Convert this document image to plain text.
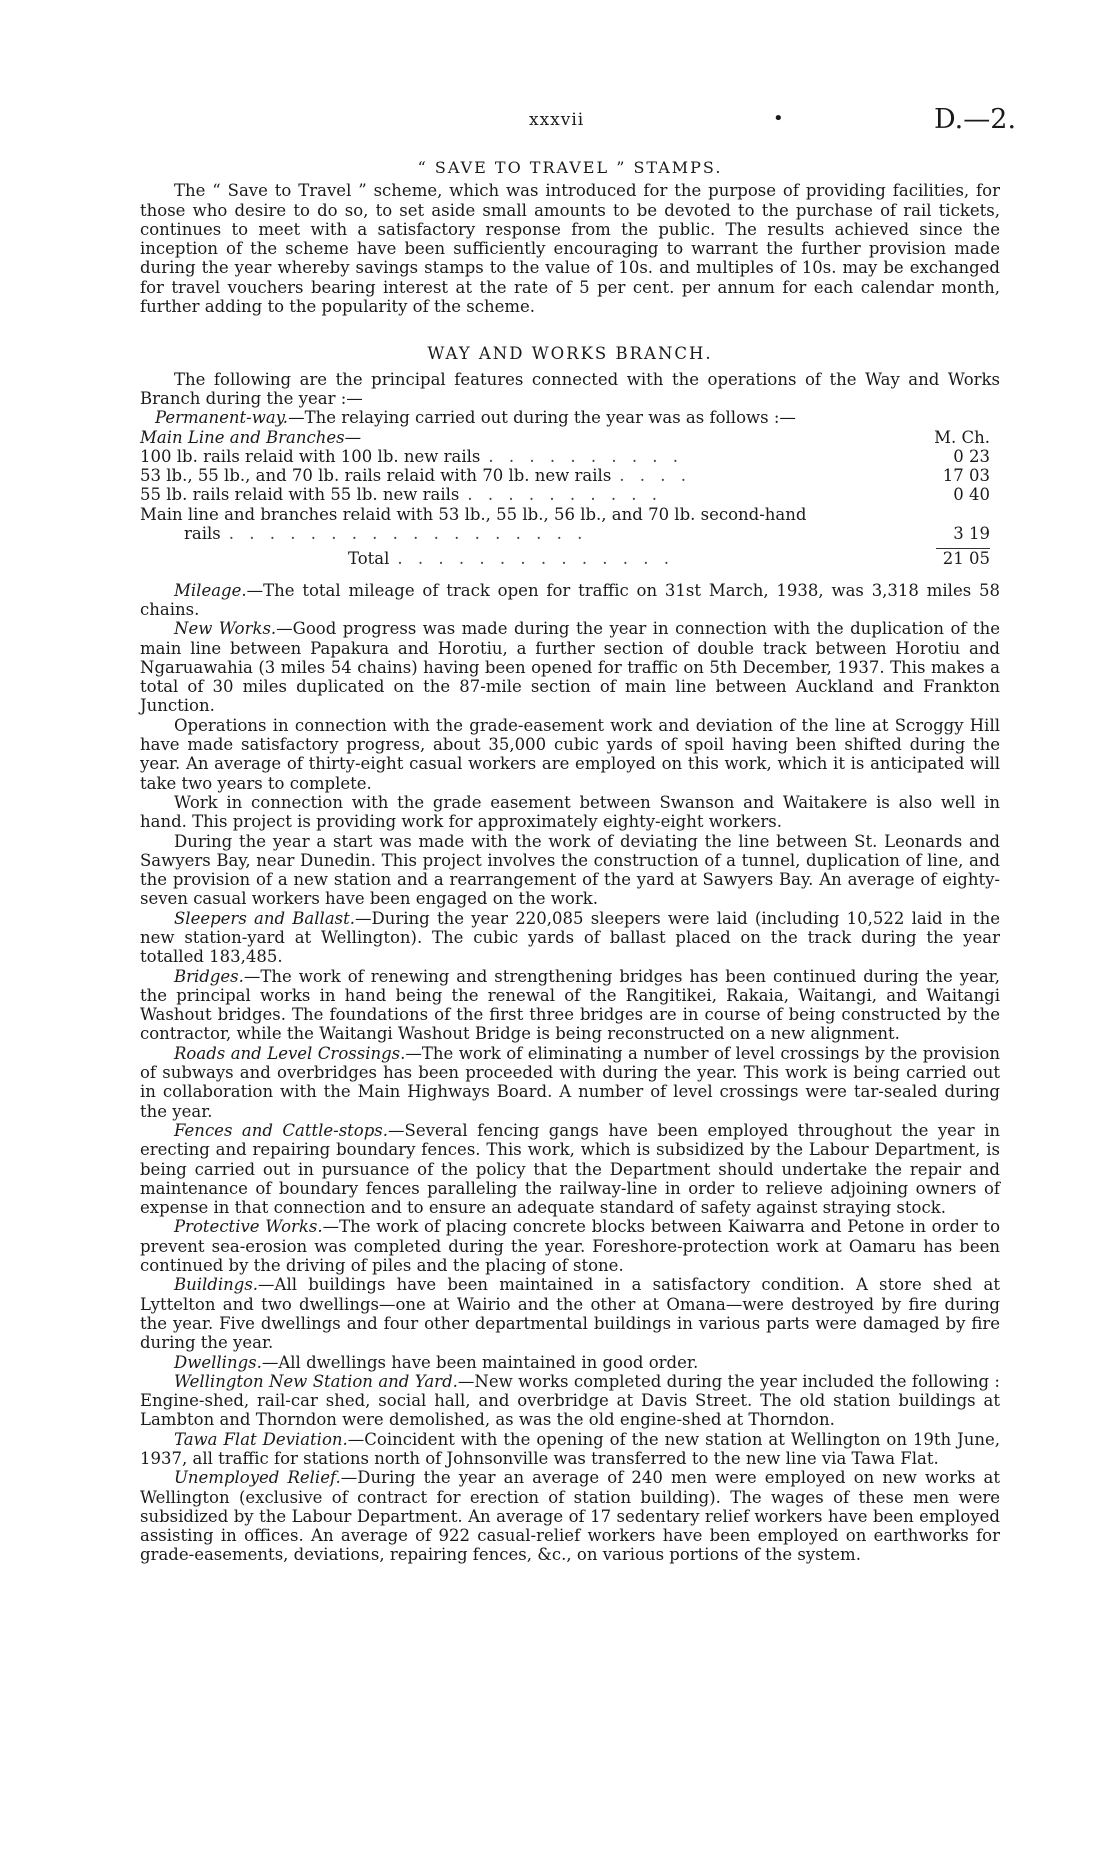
xxxvii	•	D.—2.
“ SAVE TO TRAVEL ” STAMPS.

The “ Save to Travel ” scheme, which was introduced for the purpose of providing facilities, for those who desire to do so, to set aside small amounts to be devoted to the purchase of rail tickets, continues to meet with a satisfactory response from the public. The results achieved since the inception of the scheme have been sufficiently encouraging to warrant the further provision made during the year whereby savings stamps to the value of 10s. and multiples of 10s. may be exchanged for travel vouchers bearing interest at the rate of 5 per cent. per annum for each calendar month, further adding to the popularity of the scheme.

WAY AND WORKS BRANCH.

The following are the principal features connected with the operations of the Way and Works Branch during the year :—

Permanent-way.—The relaying carried out during the year was as follows :—
Main Line and Branches—	M. Ch.
100 lb. rails relaid with 100 lb. new rails . . . . . . . . . .	0 23
53 lb., 55 lb., and 70 lb. rails relaid with 70 lb. new rails . . . .	17 03
55 lb. rails relaid with 55 lb. new rails . . . . . . . . . .	0 40
Main line and branches relaid with 53 lb., 55 lb., 56 lb., and 70 lb. second-hand	
rails . . . . . . . . . . . . . . . . . .	3 19

Total . . . . . . . . . . . . . .	21 05

Mileage.—The total mileage of track open for traffic on 31st March, 1938, was 3,318 miles 58 chains.

New Works.—Good progress was made during the year in connection with the duplication of the main line between Papakura and Horotiu, a further section of double track between Horotiu and Ngaruawahia (3 miles 54 chains) having been opened for traffic on 5th December, 1937. This makes a total of 30 miles duplicated on the 87-mile section of main line between Auckland and Frankton Junction.

Operations in connection with the grade-easement work and deviation of the line at Scroggy Hill have made satisfactory progress, about 35,000 cubic yards of spoil having been shifted during the year. An average of thirty-eight casual workers are employed on this work, which it is anticipated will take two years to complete.

Work in connection with the grade easement between Swanson and Waitakere is also well in hand. This project is providing work for approximately eighty-eight workers.

During the year a start was made with the work of deviating the line between St. Leonards and Sawyers Bay, near Dunedin. This project involves the construction of a tunnel, duplication of line, and the provision of a new station and a rearrangement of the yard at Sawyers Bay. An average of eighty-seven casual workers have been engaged on the work.

Sleepers and Ballast.—During the year 220,085 sleepers were laid (including 10,522 laid in the new station-yard at Wellington). The cubic yards of ballast placed on the track during the year totalled 183,485.

Bridges.—The work of renewing and strengthening bridges has been continued during the year, the principal works in hand being the renewal of the Rangitikei, Rakaia, Waitangi, and Waitangi Washout bridges. The foundations of the first three bridges are in course of being constructed by the contractor, while the Waitangi Washout Bridge is being reconstructed on a new alignment.

Roads and Level Crossings.—The work of eliminating a number of level crossings by the provision of subways and overbridges has been proceeded with during the year. This work is being carried out in collaboration with the Main Highways Board. A number of level crossings were tar-sealed during the year.

Fences and Cattle-stops.—Several fencing gangs have been employed throughout the year in erecting and repairing boundary fences. This work, which is subsidized by the Labour Department, is being carried out in pursuance of the policy that the Department should undertake the repair and maintenance of boundary fences paralleling the railway-line in order to relieve adjoining owners of expense in that connection and to ensure an adequate standard of safety against straying stock.

Protective Works.—The work of placing concrete blocks between Kaiwarra and Petone in order to prevent sea-erosion was completed during the year. Foreshore-protection work at Oamaru has been continued by the driving of piles and the placing of stone.

Buildings.—All buildings have been maintained in a satisfactory condition. A store shed at Lyttelton and two dwellings—one at Wairio and the other at Omana—were destroyed by fire during the year. Five dwellings and four other departmental buildings in various parts were damaged by fire during the year.

Dwellings.—All dwellings have been maintained in good order.

Wellington New Station and Yard.—New works completed during the year included the following : Engine-shed, rail-car shed, social hall, and overbridge at Davis Street. The old station buildings at Lambton and Thorndon were demolished, as was the old engine-shed at Thorndon.

Tawa Flat Deviation.—Coincident with the opening of the new station at Wellington on 19th June, 1937, all traffic for stations north of Johnsonville was transferred to the new line via Tawa Flat.

Unemployed Relief.—During the year an average of 240 men were employed on new works at Wellington (exclusive of contract for erection of station building). The wages of these men were subsidized by the Labour Department. An average of 17 sedentary relief workers have been employed assisting in offices. An average of 922 casual-relief workers have been employed on earthworks for grade-easements, deviations, repairing fences, &c., on various portions of the system.
